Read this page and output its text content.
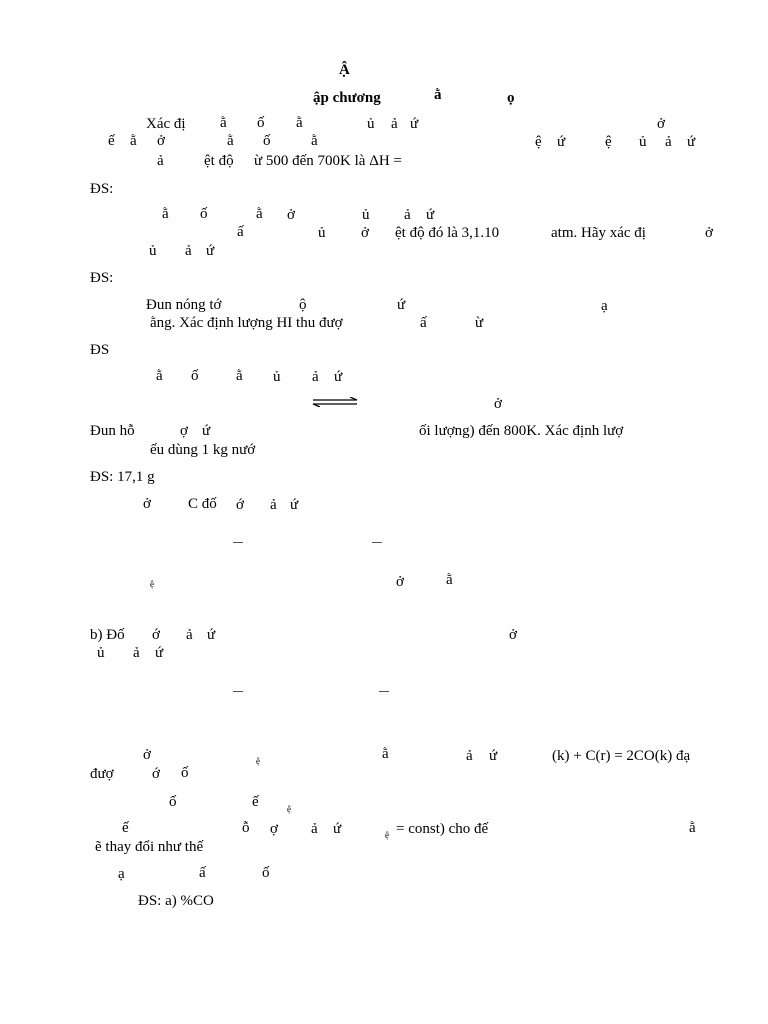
Ậ
ập chương	ằ	ọ
Xác đị ằ ố ằ	ủ ả ứ	ở
ế ằ ở	ằ ố	ằ	ệ ứ	ệ ủ ả ứ
ả	ệt độ ừ 500 đến 700K là ΔH =
ĐS:
ằ ố	ằ ở	ủ ả ứ
ấ	ủ ở ệt độ đó là 3,1.10	atm. Hãy xác đị	ở
ủ ả ứ
ĐS:
Đun nóng tớ	ộ	ứ	ạ
ằng. Xác định lượng HI thu đượ	ấ	ừ
ĐS
ằ ố	ằ ủ ả ứ
ở
Đun hỗ	ợ ứ	ối lượng) đến 800K. Xác định lượ
ếu dùng 1 kg nướ
ĐS: 17,1 g
ở C đố ớ ả ứ
ệ	ở	ằ
b) Đố ớ ả ứ	ở
ủ ả ứ
ở	ệ	ằ	ả ứ	(k) + C(r) = 2CO(k) đạ
đượ	ớ ố
ố	ế	ệ
ế	ỗ ợ ả ứ	ệ = const) cho đế	ằ
ẽ thay đổi như thế
ạ	ấ	ố
ĐS: a) %CO
